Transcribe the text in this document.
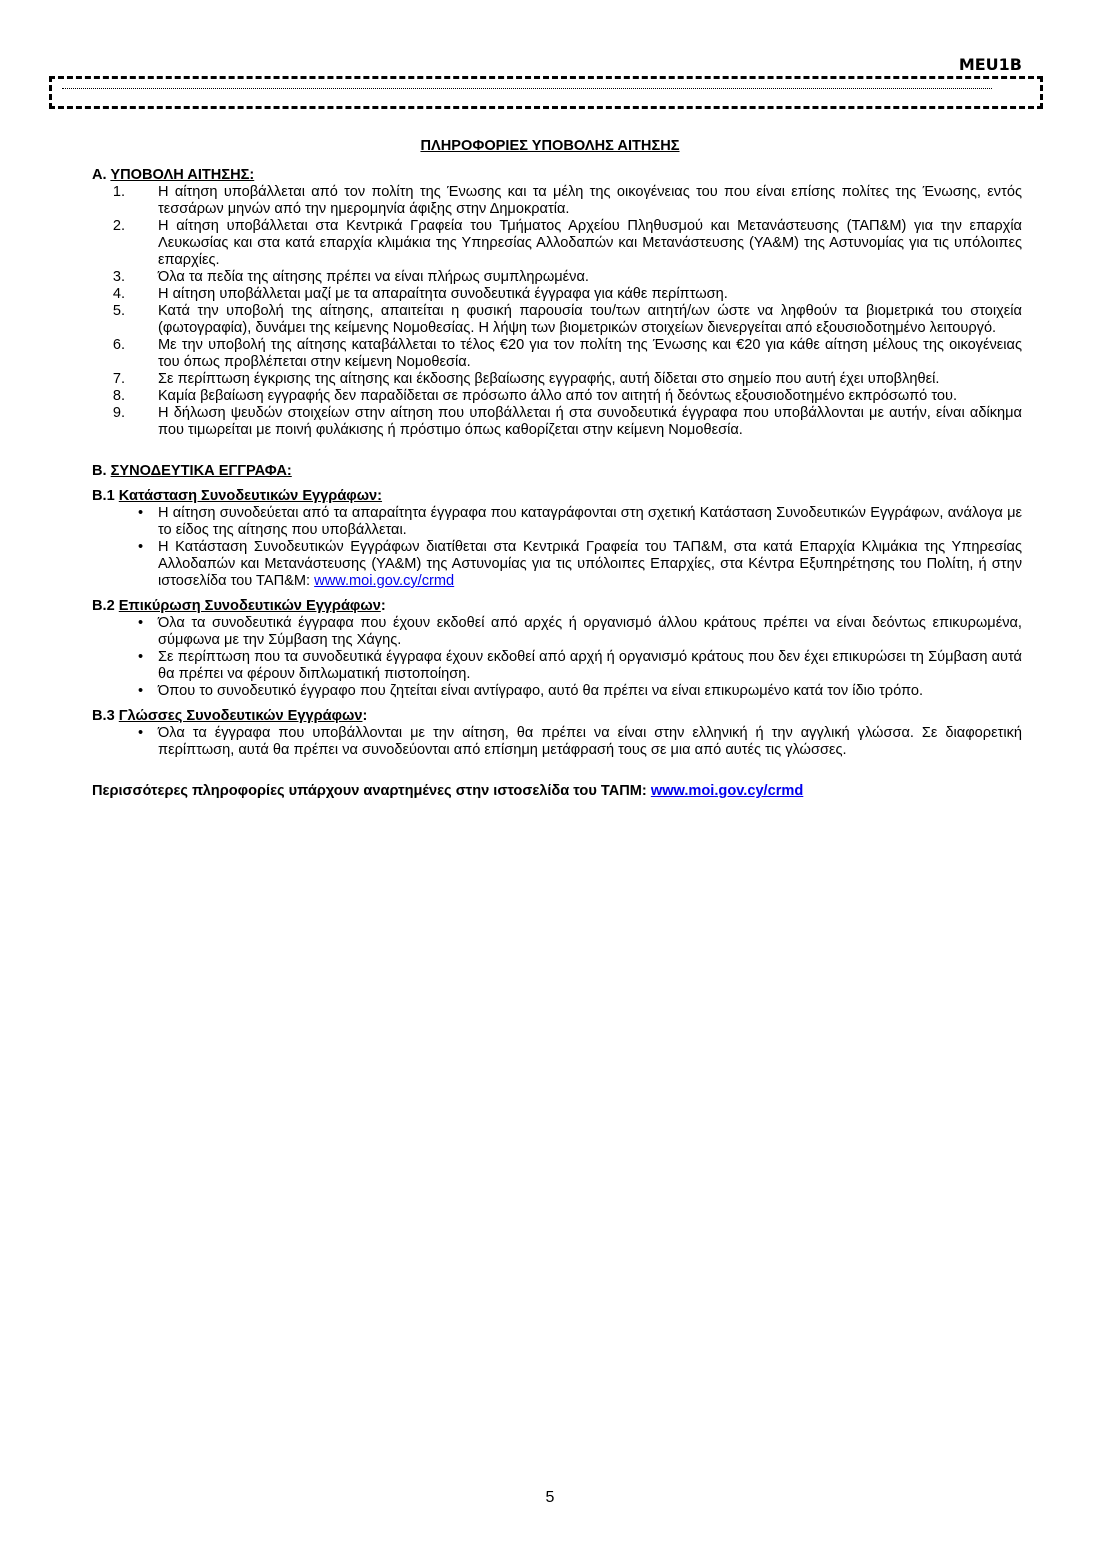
MEU1B
ΠΛΗΡΟΦΟΡΙΕΣ ΥΠΟΒΟΛΗΣ ΑΙΤΗΣΗΣ

Α. ΥΠΟΒΟΛΗ ΑΙΤΗΣΗΣ:

1.	Η αίτηση υποβάλλεται από τον πολίτη της Ένωσης και τα μέλη της οικογένειας του που είναι επίσης πολίτες της Ένωσης, εντός τεσσάρων μηνών από την ημερομηνία άφιξης στην Δημοκρατία.
2.	Η αίτηση υποβάλλεται στα Κεντρικά Γραφεία του Τμήματος Αρχείου Πληθυσμού και Μετανάστευσης (ΤΑΠ&Μ) για την επαρχία Λευκωσίας και στα κατά επαρχία κλιμάκια της Υπηρεσίας Αλλοδαπών και Μετανάστευσης (ΥΑ&Μ) της Αστυνομίας για τις υπόλοιπες επαρχίες.
3.	Όλα τα πεδία της αίτησης πρέπει να είναι πλήρως συμπληρωμένα.
4.	Η αίτηση υποβάλλεται μαζί με τα απαραίτητα συνοδευτικά έγγραφα για κάθε περίπτωση.
5.	Κατά την υποβολή της αίτησης, απαιτείται η φυσική παρουσία του/των αιτητή/ων ώστε να ληφθούν τα βιομετρικά του στοιχεία (φωτογραφία), δυνάμει της κείμενης Νομοθεσίας. Η λήψη των βιομετρικών στοιχείων διενεργείται από εξουσιοδοτημένο λειτουργό.
6.	Με την υποβολή της αίτησης καταβάλλεται το τέλος €20 για τον πολίτη της Ένωσης και €20 για κάθε αίτηση μέλους της οικογένειας του όπως προβλέπεται στην κείμενη Νομοθεσία.
7.	Σε περίπτωση έγκρισης της αίτησης και έκδοσης βεβαίωσης εγγραφής, αυτή δίδεται στο σημείο που αυτή έχει υποβληθεί.
8.	Καμία βεβαίωση εγγραφής δεν παραδίδεται σε πρόσωπο άλλο από τον αιτητή ή δεόντως εξουσιοδοτημένο εκπρόσωπό του.
9.	Η δήλωση ψευδών στοιχείων στην αίτηση που υποβάλλεται ή στα συνοδευτικά έγγραφα που υποβάλλονται με αυτήν, είναι αδίκημα που τιμωρείται με ποινή φυλάκισης ή πρόστιμο όπως καθορίζεται στην κείμενη Νομοθεσία.

Β. ΣΥΝΟΔΕΥΤΙΚΑ ΕΓΓΡΑΦΑ:

Β.1 Κατάσταση Συνοδευτικών Εγγράφων:

•	Η αίτηση συνοδεύεται από τα απαραίτητα έγγραφα που καταγράφονται στη σχετική Κατάσταση Συνοδευτικών Εγγράφων, ανάλογα με το είδος της αίτησης που υποβάλλεται.
•	Η Κατάσταση Συνοδευτικών Εγγράφων διατίθεται στα Κεντρικά Γραφεία του ΤΑΠ&Μ, στα κατά Επαρχία Κλιμάκια της Υπηρεσίας Αλλοδαπών και Μετανάστευσης (ΥΑ&Μ) της Αστυνομίας για τις υπόλοιπες Επαρχίες, στα Κέντρα Εξυπηρέτησης του Πολίτη, ή στην ιστοσελίδα του ΤΑΠ&Μ: www.moi.gov.cy/crmd

Β.2 Επικύρωση Συνοδευτικών Εγγράφων:

•	Όλα τα συνοδευτικά έγγραφα που έχουν εκδοθεί από αρχές ή οργανισμό άλλου κράτους πρέπει να είναι δεόντως επικυρωμένα, σύμφωνα με την Σύμβαση της Χάγης.
•	Σε περίπτωση που τα συνοδευτικά έγγραφα έχουν εκδοθεί από αρχή ή οργανισμό κράτους που δεν έχει επικυρώσει τη Σύμβαση αυτά θα πρέπει να φέρουν διπλωματική πιστοποίηση.
•	Όπου το συνοδευτικό έγγραφο που ζητείται είναι αντίγραφο, αυτό θα πρέπει να είναι επικυρωμένο κατά τον ίδιο τρόπο.

Β.3 Γλώσσες Συνοδευτικών Εγγράφων:

•	Όλα τα έγγραφα που υποβάλλονται με την αίτηση, θα πρέπει να είναι στην ελληνική ή την αγγλική γλώσσα. Σε διαφορετική περίπτωση, αυτά θα πρέπει να συνοδεύονται από επίσημη μετάφρασή τους σε μια από αυτές τις γλώσσες.

Περισσότερες πληροφορίες υπάρχουν αναρτημένες στην ιστοσελίδα του ΤΑΠΜ: www.moi.gov.cy/crmd

5
